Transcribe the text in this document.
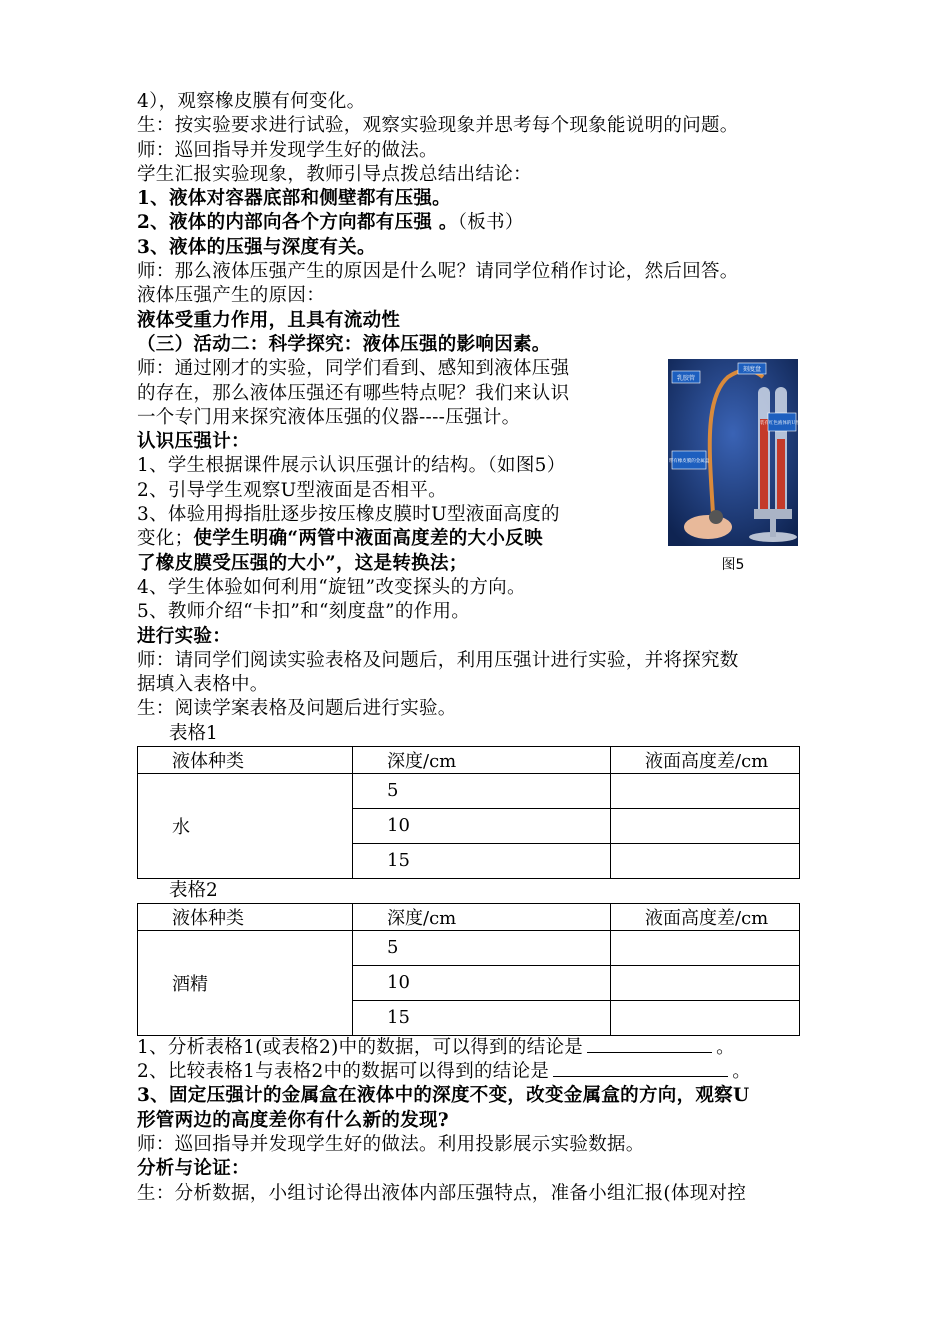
4），观察橡皮膜有何变化。
生：按实验要求进行试验，观察实验现象并思考每个现象能说明的问题。
师：巡回指导并发现学生好的做法。
学生汇报实验现象，教师引导点拨总结出结论：
1、液体对容器底部和侧壁都有压强。
2、液体的内部向各个方向都有压强 。（板书）
3、液体的压强与深度有关。
师：那么液体压强产生的原因是什么呢？请同学位稍作讨论，然后回答。
液体压强产生的原因：
液体受重力作用，且具有流动性
（三）活动二：科学探究：液体压强的影响因素。
师：通过刚才的实验，同学们看到、感知到液体压强
的存在，那么液体压强还有哪些特点呢？我们来认识
一个专门用来探究液体压强的仪器----压强计。
认识压强计：
1、学生根据课件展示认识压强计的结构。（如图5）
2、引导学生观察U型液面是否相平。
3、体验用拇指肚逐步按压橡皮膜时U型液面高度的
变化；使学生明确“两管中液面高度差的大小反映
了橡皮膜受压强的大小”，这是转换法；
4、学生体验如何利用“旋钮”改变探头的方向。
5、教师介绍“卡扣”和“刻度盘”的作用。
乳胶管
刻度盘
装有红色液体的U形管
带有橡皮膜的金属盒
图5
进行实验：
师：请同学们阅读实验表格及问题后，利用压强计进行实验，并将探究数
据填入表格中。
生：阅读学案表格及问题后进行实验。
表格1
液体种类	深度/cm	液面高度差/cm
水	5	
	10	
	15	
表格2
液体种类	深度/cm	液面高度差/cm
酒精	5	
	10	
	15	
1、分析表格1(或表格2)中的数据，可以得到的结论是	。
2、比较表格1与表格2中的数据可以得到的结论是	。
3、固定压强计的金属盒在液体中的深度不变，改变金属盒的方向，观察U
形管两边的高度差你有什么新的发现?
师：巡回指导并发现学生好的做法。利用投影展示实验数据。
分析与论证：
生：分析数据，小组讨论得出液体内部压强特点，准备小组汇报(体现对控
